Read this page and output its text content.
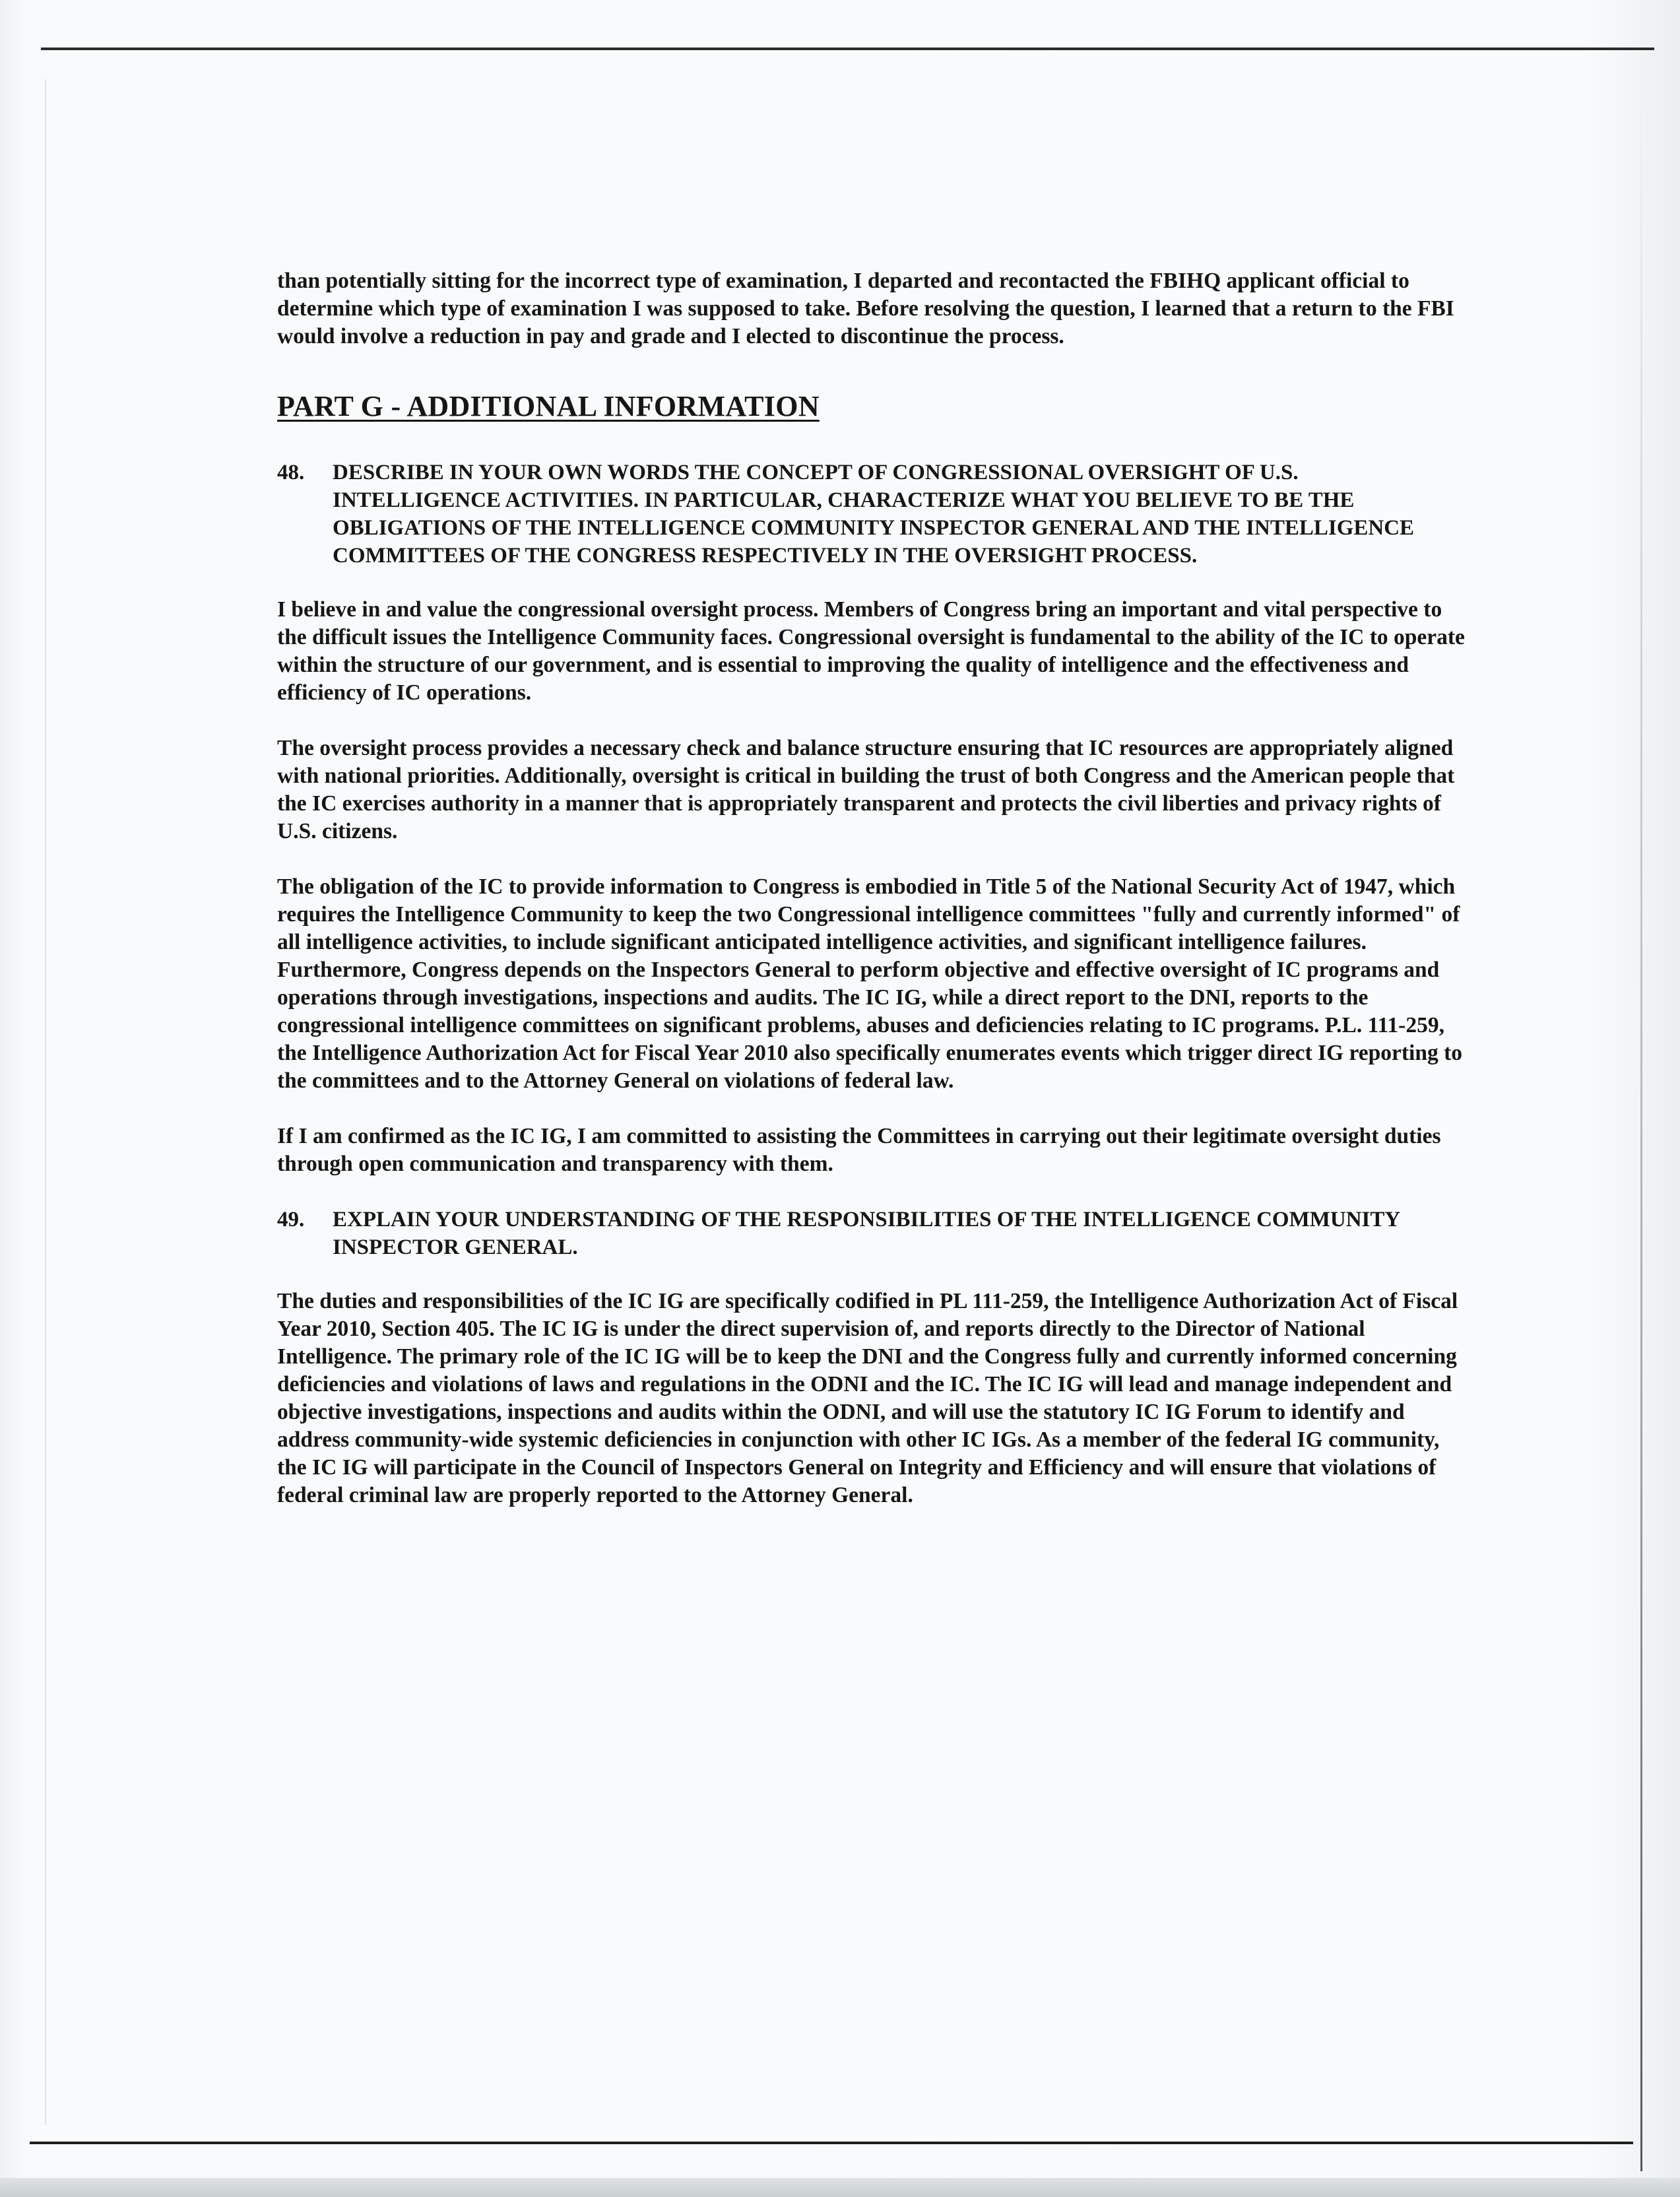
than potentially sitting for the incorrect type of examination, I departed and recontacted the FBIHQ applicant official to determine which type of examination I was supposed to take. Before resolving the question, I learned that a return to the FBI would involve a reduction in pay and grade and I elected to discontinue the process.

PART G - ADDITIONAL INFORMATION
48.	DESCRIBE IN YOUR OWN WORDS THE CONCEPT OF CONGRESSIONAL OVERSIGHT OF U.S. INTELLIGENCE ACTIVITIES. IN PARTICULAR, CHARACTERIZE WHAT YOU BELIEVE TO BE THE OBLIGATIONS OF THE INTELLIGENCE COMMUNITY INSPECTOR GENERAL AND THE INTELLIGENCE COMMITTEES OF THE CONGRESS RESPECTIVELY IN THE OVERSIGHT PROCESS.

I believe in and value the congressional oversight process. Members of Congress bring an important and vital perspective to the difficult issues the Intelligence Community faces. Congressional oversight is fundamental to the ability of the IC to operate within the structure of our government, and is essential to improving the quality of intelligence and the effectiveness and efficiency of IC operations.

The oversight process provides a necessary check and balance structure ensuring that IC resources are appropriately aligned with national priorities. Additionally, oversight is critical in building the trust of both Congress and the American people that the IC exercises authority in a manner that is appropriately transparent and protects the civil liberties and privacy rights of U.S. citizens.

The obligation of the IC to provide information to Congress is embodied in Title 5 of the National Security Act of 1947, which requires the Intelligence Community to keep the two Congressional intelligence committees "fully and currently informed" of all intelligence activities, to include significant anticipated intelligence activities, and significant intelligence failures. Furthermore, Congress depends on the Inspectors General to perform objective and effective oversight of IC programs and operations through investigations, inspections and audits. The IC IG, while a direct report to the DNI, reports to the congressional intelligence committees on significant problems, abuses and deficiencies relating to IC programs. P.L. 111-259, the Intelligence Authorization Act for Fiscal Year 2010 also specifically enumerates events which trigger direct IG reporting to the committees and to the Attorney General on violations of federal law.

If I am confirmed as the IC IG, I am committed to assisting the Committees in carrying out their legitimate oversight duties through open communication and transparency with them.

49.	EXPLAIN YOUR UNDERSTANDING OF THE RESPONSIBILITIES OF THE INTELLIGENCE COMMUNITY INSPECTOR GENERAL.

The duties and responsibilities of the IC IG are specifically codified in PL 111-259, the Intelligence Authorization Act of Fiscal Year 2010, Section 405. The IC IG is under the direct supervision of, and reports directly to the Director of National Intelligence. The primary role of the IC IG will be to keep the DNI and the Congress fully and currently informed concerning deficiencies and violations of laws and regulations in the ODNI and the IC. The IC IG will lead and manage independent and objective investigations, inspections and audits within the ODNI, and will use the statutory IC IG Forum to identify and address community-wide systemic deficiencies in conjunction with other IC IGs. As a member of the federal IG community, the IC IG will participate in the Council of Inspectors General on Integrity and Efficiency and will ensure that violations of federal criminal law are properly reported to the Attorney General.
